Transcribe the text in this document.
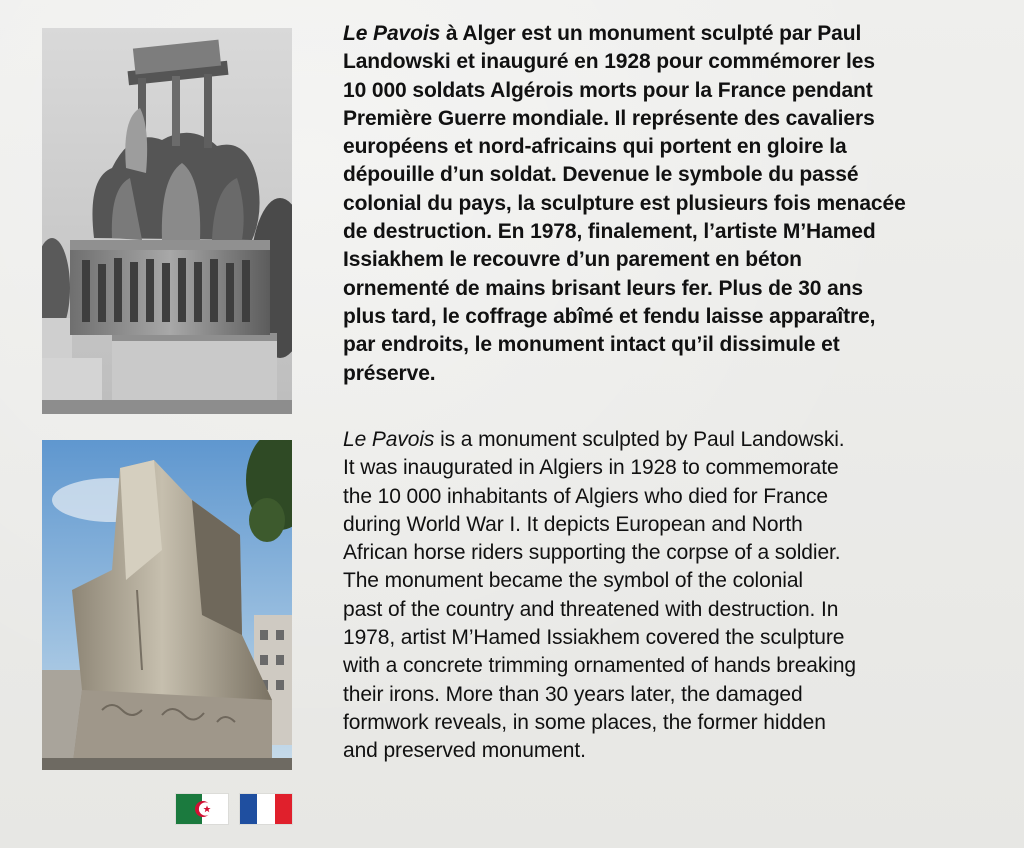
Le Pavois à Alger est un monument sculpté par Paul
Landowski et inauguré en 1928 pour commémorer les
10 000 soldats Algérois morts pour la France pendant
Première Guerre mondiale. Il représente des cavaliers
européens et nord-africains qui portent en gloire la
dépouille d’un soldat. Devenue le symbole du passé
colonial du pays, la sculpture est plusieurs fois menacée
de destruction. En 1978, finalement, l’artiste M’Hamed
Issiakhem le recouvre d’un parement en béton
ornementé de mains brisant leurs fer. Plus de 30 ans
plus tard, le coffrage abîmé et fendu laisse apparaître,
par endroits, le monument intact qu’il dissimule et
préserve.
Le Pavois is a monument sculpted by Paul Landowski.
It was inaugurated in Algiers in 1928 to commemorate
the 10 000 inhabitants of Algiers who died for France
during World War I. It depicts European and North
African horse riders supporting the corpse of a soldier.
The monument became the symbol of the colonial
past of the country and threatened with destruction. In
1978, artist M’Hamed Issiakhem covered the sculpture
with a concrete trimming ornamented of hands breaking
their irons. More than 30 years later, the damaged
formwork reveals, in some places, the former hidden
and preserved monument.
